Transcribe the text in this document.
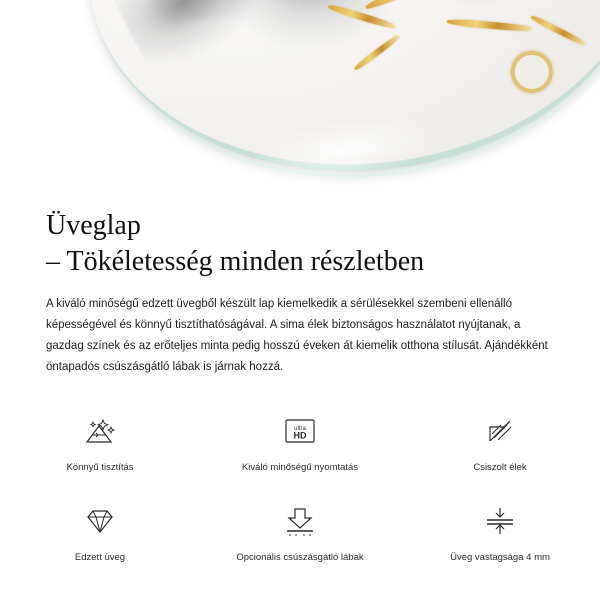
Üveglap
– Tökéletesség minden részletben

A kiváló minőségű edzett üvegből készült lap kiemelkedik a sérülésekkel szembeni ellenálló képességével és könnyű tisztíthatóságával. A sima élek biztonságos használatot nyújtanak, a gazdag színek és az erőteljes minta pedig hosszú éveken át kiemelik otthona stílusát. Ajándékként öntapadós csúszásgátló lábak is járnak hozzá.

Könnyű tisztítás
ultra
HD
Kiváló minőségű nyomtatás	Csiszolt élek
Edzett üveg	Opcionális csúszásgátló lábak	Üveg vastagsága 4 mm
